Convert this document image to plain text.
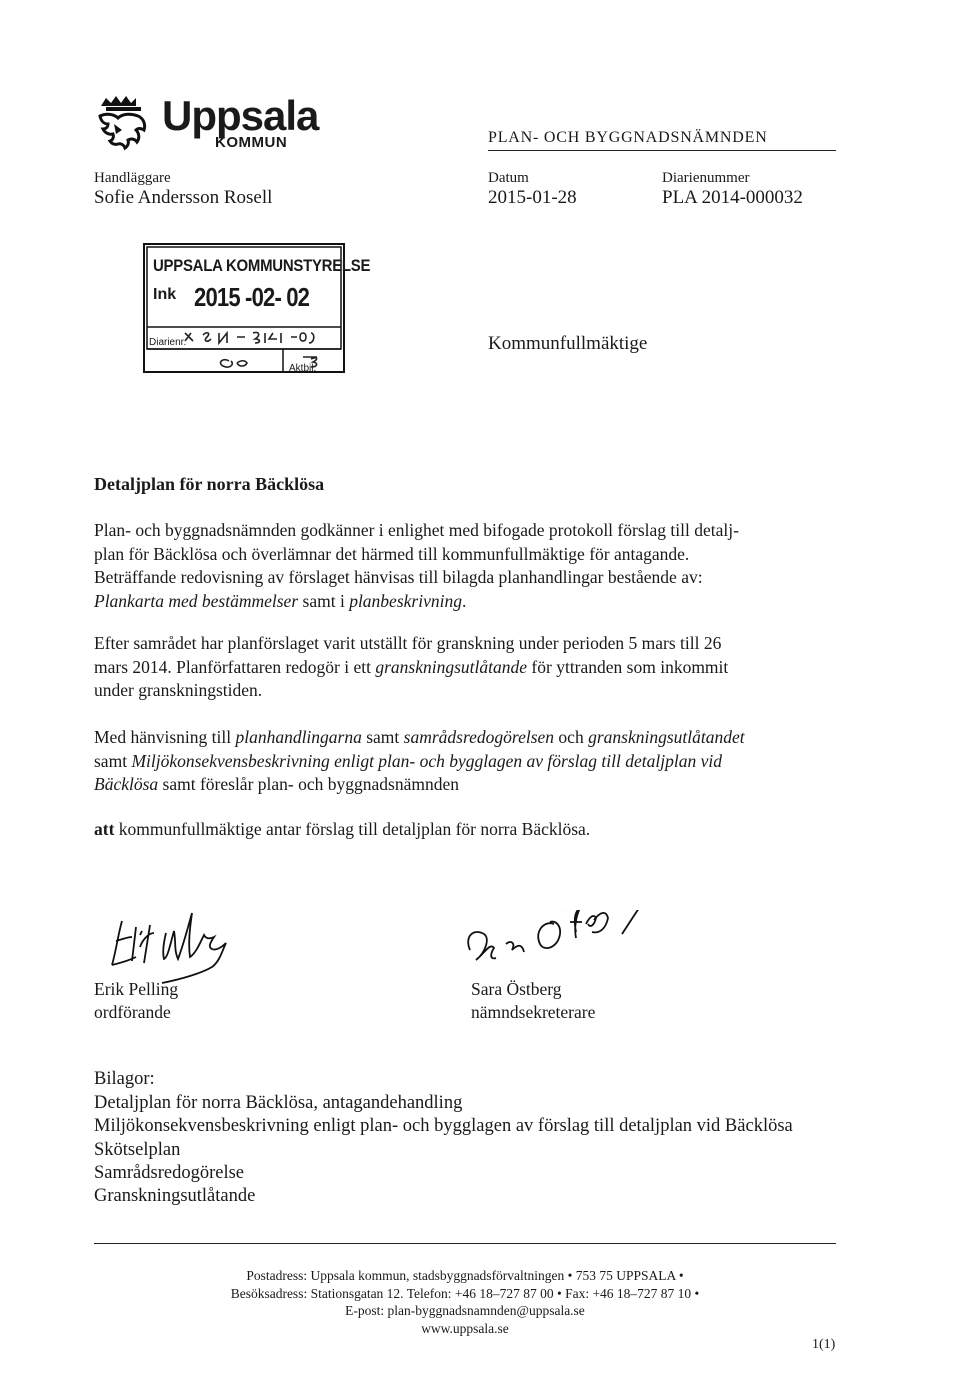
Uppsala
KOMMUN	PLAN- OCH BYGGNADSNÄMNDEN
Handläggare
Sofie Andersson Rosell
Datum
2015-01-28
Diarienummer
PLA 2014-000032
UPPSALA KOMMUNSTYRELSE
Ink 2015 -02- 02
Diarienr.
Aktbil.
Kommunfullmäktige
Detaljplan för norra Bäcklösa

Plan- och byggnadsnämnden godkänner i enlighet med bifogade protokoll förslag till detalj-
plan för Bäcklösa och överlämnar det härmed till kommunfullmäktige för antagande.
Beträffande redovisning av förslaget hänvisas till bilagda planhandlingar bestående av:
Plankarta med bestämmelser samt i planbeskrivning.

Efter samrådet har planförslaget varit utställt för granskning under perioden 5 mars till 26
mars 2014. Planförfattaren redogör i ett granskningsutlåtande för yttranden som inkommit
under granskningstiden.

Med hänvisning till planhandlingarna samt samrådsredogörelsen och granskningsutlåtandet
samt Miljökonsekvensbeskrivning enligt plan- och bygglagen av förslag till detaljplan vid
Bäcklösa samt föreslår plan- och byggnadsnämnden

att kommunfullmäktige antar förslag till detaljplan för norra Bäcklösa.

Erik Pelling
ordförande
Sara Östberg
nämndsekreterare
Bilagor:
Detaljplan för norra Bäcklösa, antagandehandling
Miljökonsekvensbeskrivning enligt plan- och bygglagen av förslag till detaljplan vid Bäcklösa
Skötselplan
Samrådsredogörelse
Granskningsutlåtande
Postadress: Uppsala kommun, stadsbyggnadsförvaltningen • 753 75 UPPSALA •
Besöksadress: Stationsgatan 12. Telefon: +46 18–727 87 00 • Fax: +46 18–727 87 10 •
E-post: plan-byggnadsnamnden@uppsala.se
www.uppsala.se
1(1)
